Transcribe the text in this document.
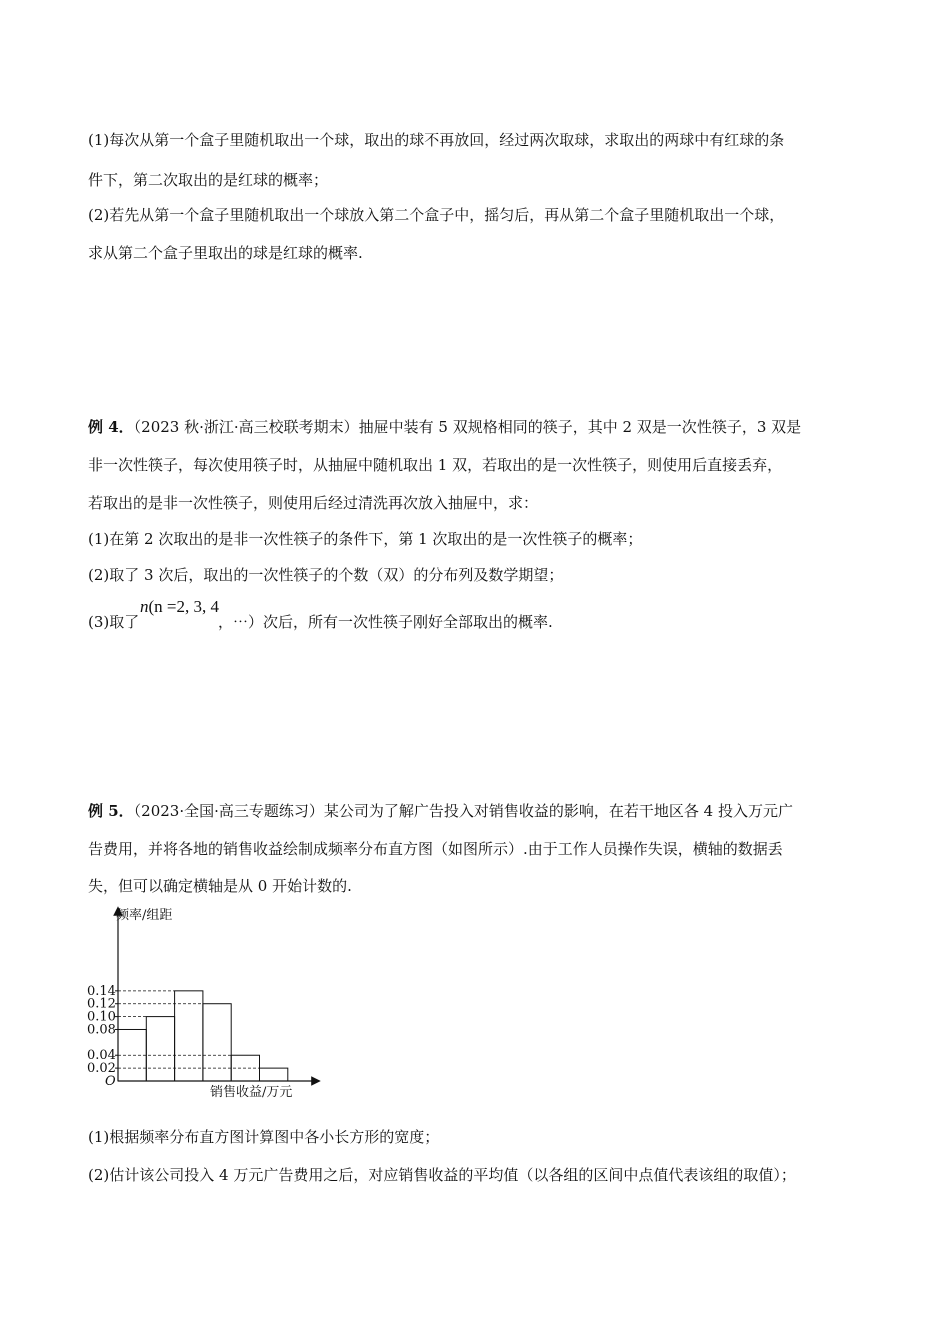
(1)每次从第一个盒子里随机取出一个球，取出的球不再放回，经过两次取球，求取出的两球中有红球的条
件下，第二次取出的是红球的概率；
(2)若先从第一个盒子里随机取出一个球放入第二个盒子中，摇匀后，再从第二个盒子里随机取出一个球，
求从第二个盒子里取出的球是红球的概率.
例 4．（2023 秋·浙江·高三校联考期末）抽屉中装有 5 双规格相同的筷子，其中 2 双是一次性筷子，3 双是
非一次性筷子，每次使用筷子时，从抽屉中随机取出 1 双，若取出的是一次性筷子，则使用后直接丢弃，
若取出的是非一次性筷子，则使用后经过清洗再次放入抽屉中，求：
(1)在第 2 次取出的是非一次性筷子的条件下，第 1 次取出的是一次性筷子的概率；
(2)取了 3 次后，取出的一次性筷子的个数（双）的分布列及数学期望；
(3)取了
n(n =2, 3, 4
，⋯）次后，所有一次性筷子刚好全部取出的概率.
例 5．（2023·全国·高三专题练习）某公司为了解广告投入对销售收益的影响，在若干地区各 4 投入万元广
告费用，并将各地的销售收益绘制成频率分布直方图（如图所示）.由于工作人员操作失误，横轴的数据丢
失，但可以确定横轴是从 0 开始计数的.
0.02
0.04
0.08
0.10
0.12
0.14
频率/组距
O
销售收益/万元
(1)根据频率分布直方图计算图中各小长方形的宽度；
(2)估计该公司投入 4 万元广告费用之后，对应销售收益的平均值（以各组的区间中点值代表该组的取值）；
